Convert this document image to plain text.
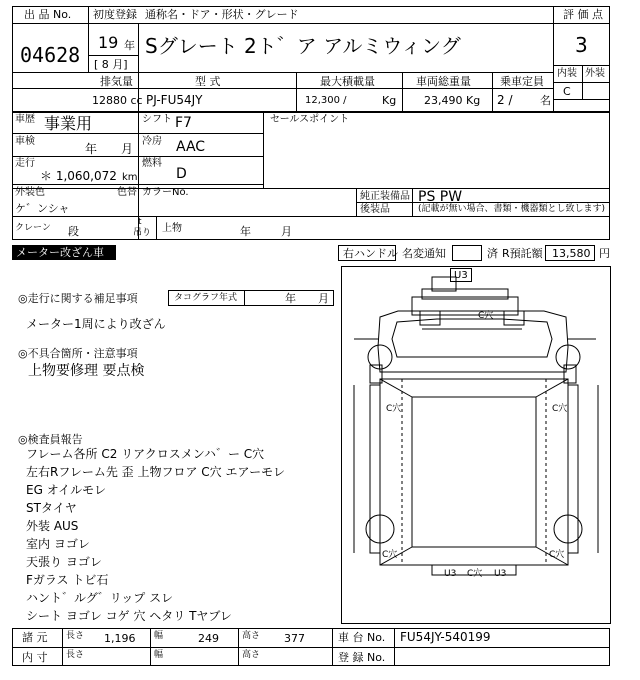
出 品 No.
04628
初度登録 通称名・ドア・形状・グレード
19 年
[ 8 月]
Sグレート 2ト゛ア アルミウィング
評 価 点
3
内装 外装
C
排気量	型 式	最大積載量	車両総重量	乗車定員
12880 cc PJ-FU54JY	12,300 /	Kg	23,490 Kg 2 /	名
車歴 事業用	シフト F7	セールスポイント
車検
年 月
冷房 AAC
走行
＊ 1,060,072 km
燃料
D
外装色
ケ゛ンシャ
色替 カラーNo.	純正装備品 PS PW
後装品	(記載が無い場合、書類・機器類とし致します)
クレーン 段
t
吊り 上物	年	月
メーター改ざん車	右ハンドル 名変通知	済 R預託額 13,580 円
◎走行に関する補足事項	タコグラフ年式	年 月
メーター1周により改ざん
◎不具合箇所・注意事項
上物要修理 要点検
◎検査員報告
U3
C穴
C穴	C穴
C穴	C穴
U3 C穴 U3
諸 元 長さ 1,196 幅	249	高さ 377	車 台 No. FU54JY-540199
内 寸 長さ	幅	高さ	登 録 No.
フレーム各所 C2 リアクロスメンハ゛ー C穴
左右Rフレーム先 歪 上物フロア C穴 エアーモレ
EG オイルモレ
STタイヤ
外装 AUS
室内 ヨゴレ
天張り ヨゴレ
Fガラス トビ石
ハント゛ルグ゛リップ スレ
シート ヨゴレ コゲ 穴 ヘタリ Tヤブレ
